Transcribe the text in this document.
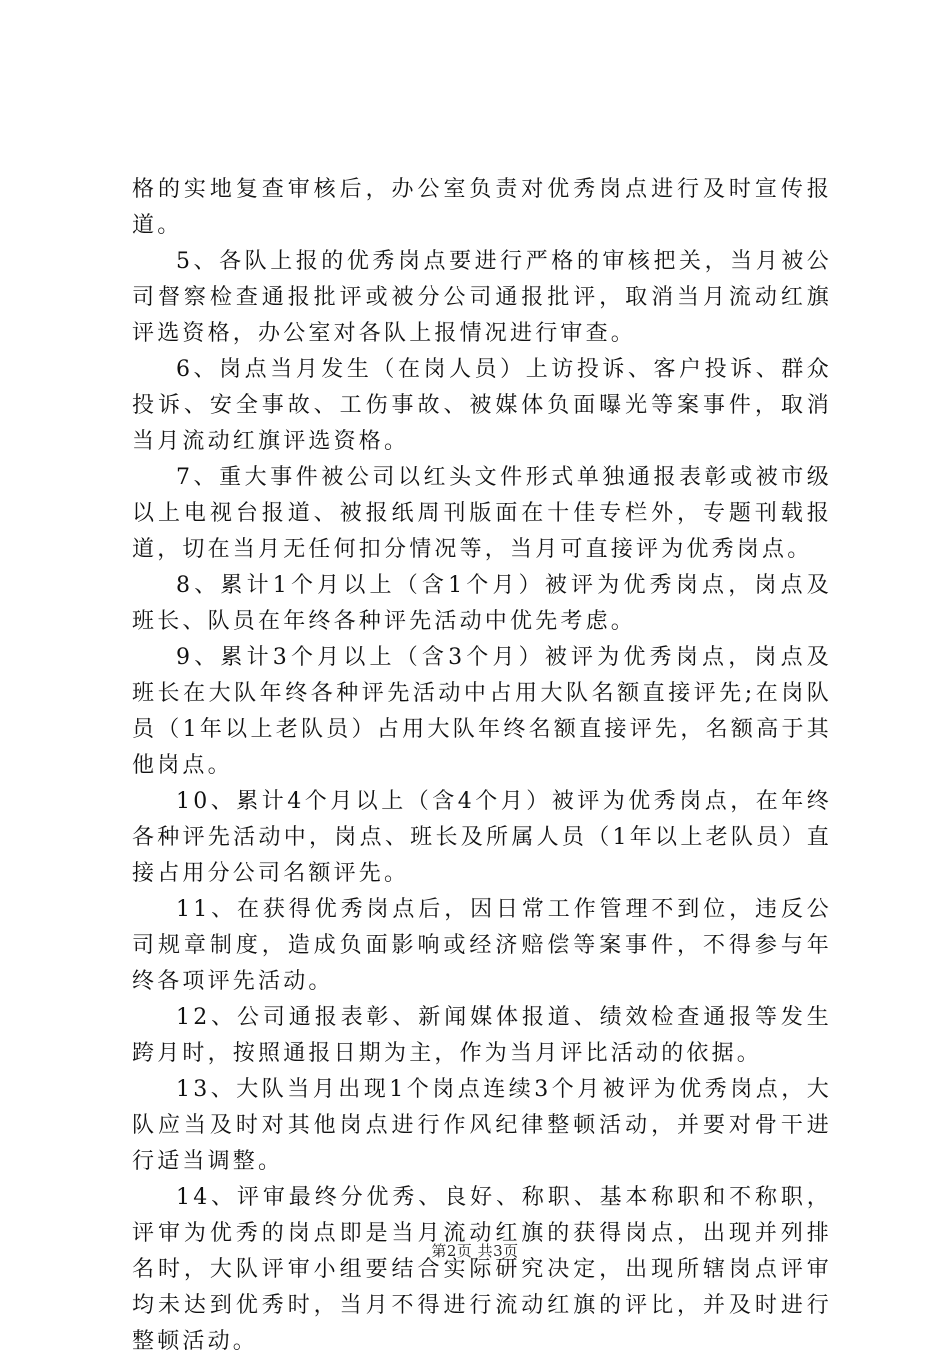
格的实地复查审核后，办公室负责对优秀岗点进行及时宣传报道。

5、各队上报的优秀岗点要进行严格的审核把关，当月被公司督察检查通报批评或被分公司通报批评，取消当月流动红旗评选资格，办公室对各队上报情况进行审查。

6、岗点当月发生（在岗人员）上访投诉、客户投诉、群众投诉、安全事故、工伤事故、被媒体负面曝光等案事件，取消当月流动红旗评选资格。

7、重大事件被公司以红头文件形式单独通报表彰或被市级以上电视台报道、被报纸周刊版面在十佳专栏外，专题刊载报道，切在当月无任何扣分情况等，当月可直接评为优秀岗点。

8、累计1个月以上（含1个月）被评为优秀岗点，岗点及班长、队员在年终各种评先活动中优先考虑。

9、累计3个月以上（含3个月）被评为优秀岗点，岗点及班长在大队年终各种评先活动中占用大队名额直接评先;在岗队员（1年以上老队员）占用大队年终名额直接评先，名额高于其他岗点。

10、累计4个月以上（含4个月）被评为优秀岗点，在年终各种评先活动中，岗点、班长及所属人员（1年以上老队员）直接占用分公司名额评先。

11、在获得优秀岗点后，因日常工作管理不到位，违反公司规章制度，造成负面影响或经济赔偿等案事件，不得参与年终各项评先活动。

12、公司通报表彰、新闻媒体报道、绩效检查通报等发生跨月时，按照通报日期为主，作为当月评比活动的依据。

13、大队当月出现1个岗点连续3个月被评为优秀岗点，大队应当及时对其他岗点进行作风纪律整顿活动，并要对骨干进行适当调整。

14、评审最终分优秀、良好、称职、基本称职和不称职，评审为优秀的岗点即是当月流动红旗的获得岗点，出现并列排名时，大队评审小组要结合实际研究决定，出现所辖岗点评审均未达到优秀时，当月不得进行流动红旗的评比，并及时进行整顿活动。

第2页 共3页
